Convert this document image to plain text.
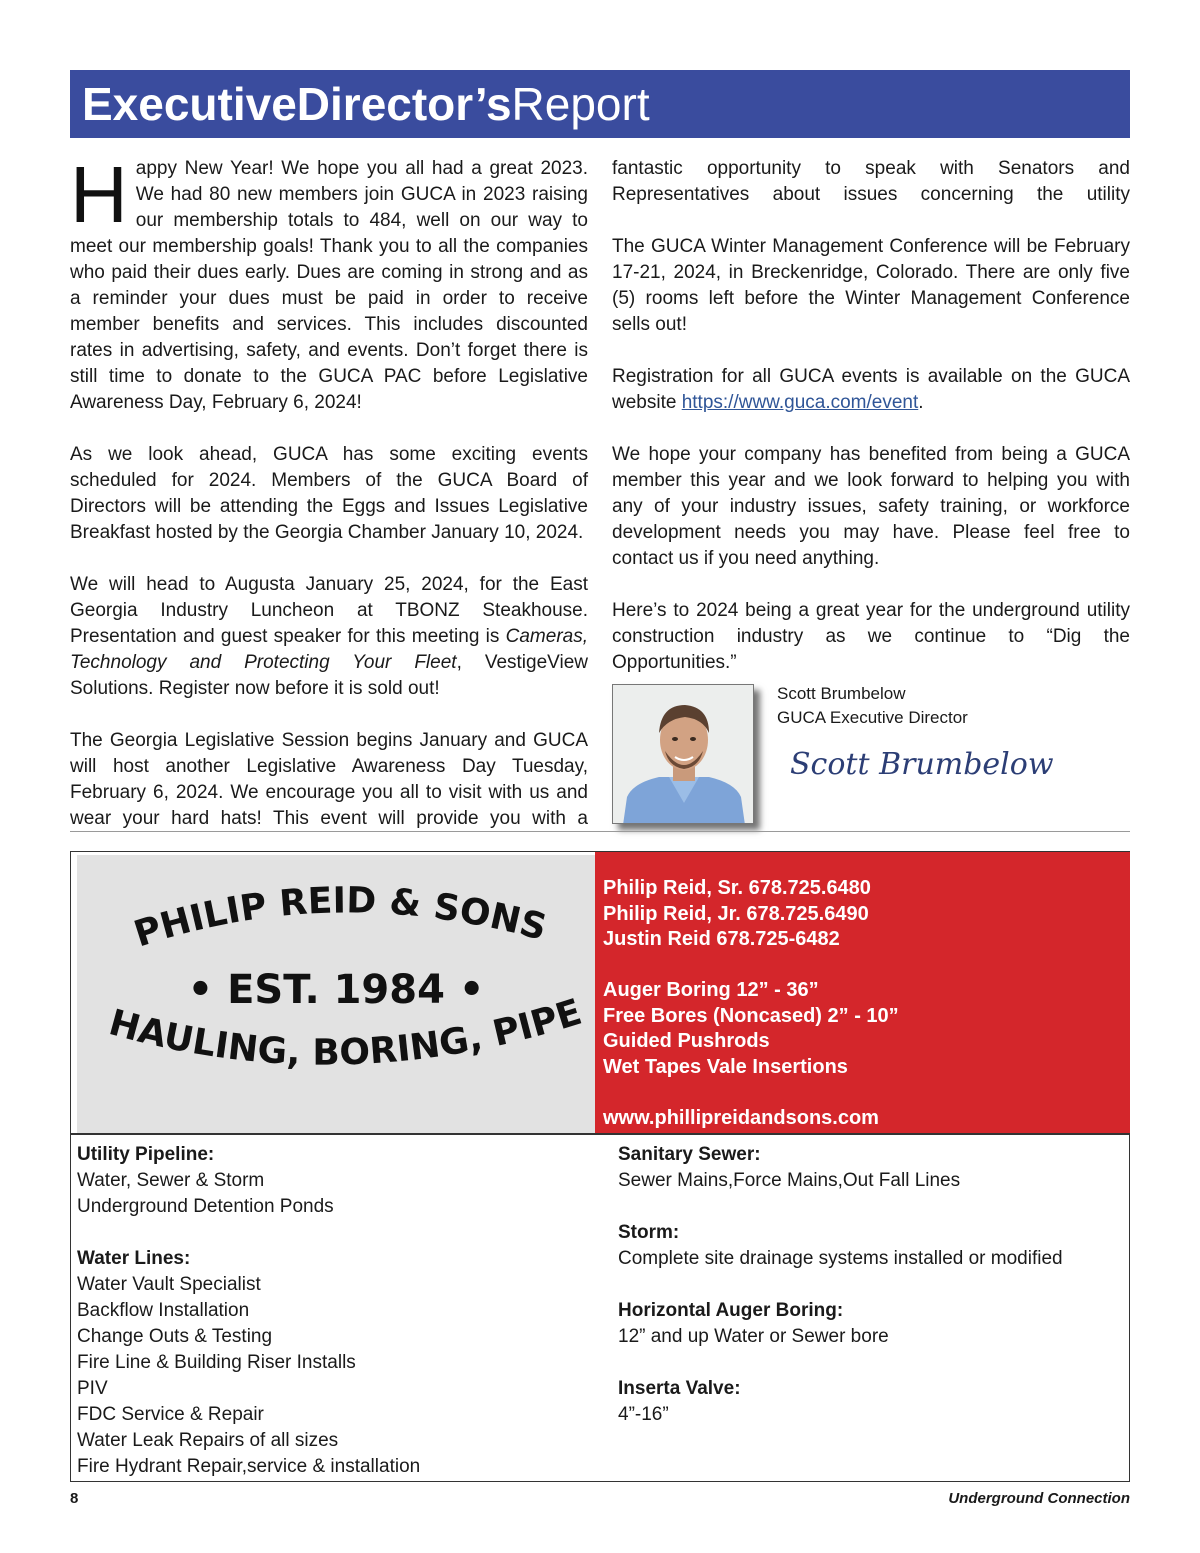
ExecutiveDirector’sReport

Happy New Year! We hope you all had a great 2023. We had 80 new members join GUCA in 2023 raising our membership totals to 484, well on our way to meet our membership goals! Thank you to all the companies who paid their dues early. Dues are coming in strong and as a reminder your dues must be paid in order to receive member benefits and services. This includes discounted rates in advertising, safety, and events. Don’t forget there is still time to donate to the GUCA PAC before Legislative Awareness Day, February 6, 2024!

As we look ahead, GUCA has some exciting events scheduled for 2024. Members of the GUCA Board of Directors will be attending the Eggs and Issues Legislative Breakfast hosted by the Georgia Chamber January 10, 2024.

We will head to Augusta January 25, 2024, for the East Georgia Industry Luncheon at TBONZ Steakhouse. Presentation and guest speaker for this meeting is Cameras, Technology and Protecting Your Fleet, VestigeView Solutions. Register now before it is sold out!

The Georgia Legislative Session begins January and GUCA will host another Legislative Awareness Day Tuesday, February 6, 2024. We encourage you all to visit with us and wear your hard hats! This event will provide you with a

fantastic opportunity to speak with Senators and Representatives about issues concerning the utility

The GUCA Winter Management Conference will be February 17-21, 2024, in Breckenridge, Colorado. There are only five (5) rooms left before the Winter Management Conference sells out!

Registration for all GUCA events is available on the GUCA website https://www.guca.com/event.

We hope your company has benefited from being a GUCA member this year and we look forward to helping you with any of your industry issues, safety training, or workforce development needs you may have. Please feel free to contact us if you need anything.

Here’s to 2024 being a great year for the underground utility construction industry as we continue to “Dig the Opportunities.”

Scott Brumbelow
GUCA Executive Director
Scott Brumbelow
PHILIP REID & SONS
• EST. 1984 •
HAULING, BORING, PIPE
Philip Reid, Sr. 678.725.6480
Philip Reid, Jr. 678.725.6490
Justin Reid 678.725-6482
Auger Boring 12” - 36”
Free Bores (Noncased) 2” - 10”
Guided Pushrods
Wet Tapes Vale Insertions
www.phillipreidandsons.com
Utility Pipeline:
Water, Sewer & Storm
Underground Detention Ponds
Water Lines:
Water Vault Specialist
Backflow Installation
Change Outs & Testing
Fire Line & Building Riser Installs
PIV
FDC Service & Repair
Water Leak Repairs of all sizes
Fire Hydrant Repair,service & installation
Sanitary Sewer:
Sewer Mains,Force Mains,Out Fall Lines
Storm:
Complete site drainage systems installed or modified
Horizontal Auger Boring:
12” and up Water or Sewer bore
Inserta Valve:
4”-16”
8	Underground Connection
